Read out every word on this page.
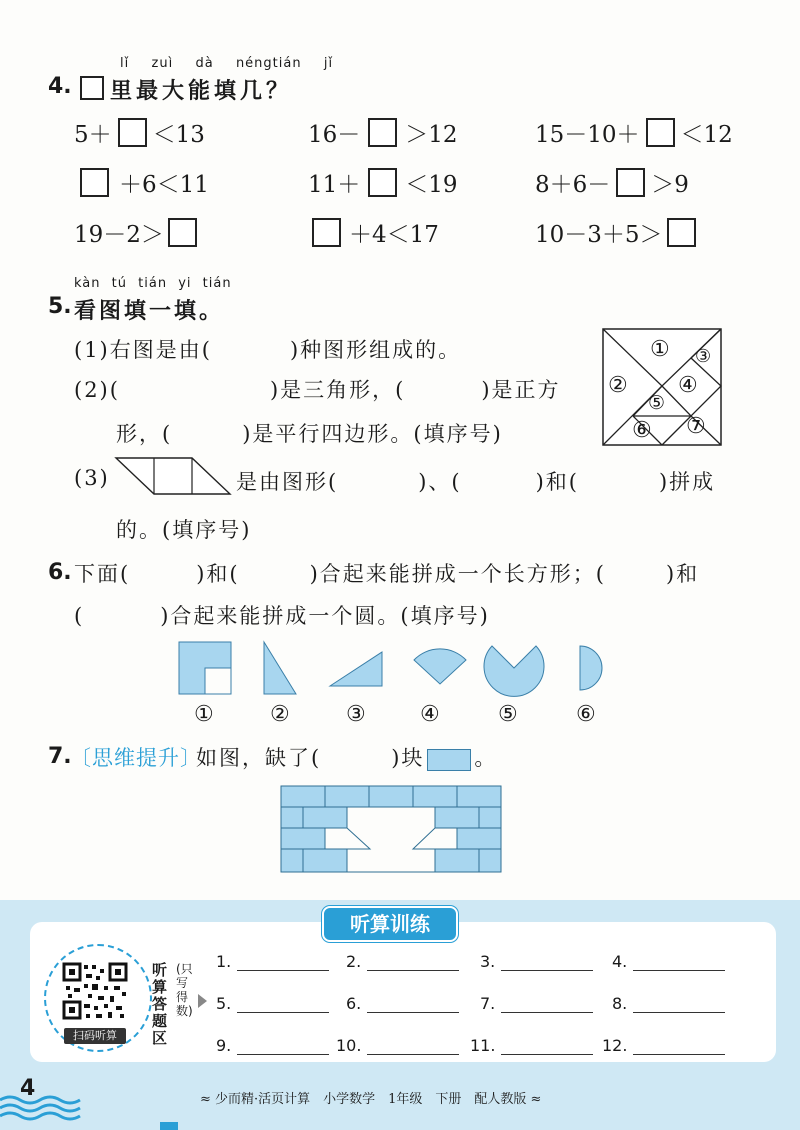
lǐ zuì dà néngtián jǐ
4. 里最大能填几？
5＋ ＜13	16－ ＞12	15－10＋ ＜12
＋6＜11	11＋ ＜19	8＋6－ ＞9
19－2＞	＋4＜17	10－3＋5＞
kàn tú tián yi tián
5. 看图填一填。
(1)右图是由(	)种图形组成的。
(2)(	)是三角形，(	)是正方
形，(	)是平行四边形。(填序号)
①
②
③
④
⑤
⑥ ⑦
(3)	是由图形(	)、(	)和(	)拼成
的。(填序号)
6. 下面(	)和(	)合起来能拼成一个长方形；(	)和
(	)合起来能拼成一个圆。(填序号)
①	②	③ ④	⑤	⑥
7.
〔思维提升〕
如图，缺了(	)块 。
听算训练
扫码听算
听算答题区
(只写得数)
1.	2.	3.	4.
5.	6.	7.	8.
9.	10.	11.	12.
4	≈ 少而精·活页计算　小学数学　1年级　下册　配人教版 ≈
